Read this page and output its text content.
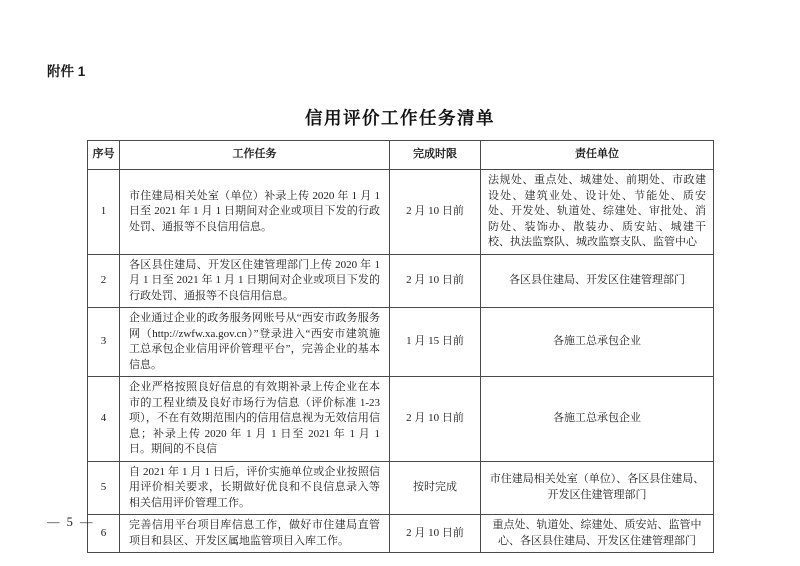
附件 1
信用评价工作任务清单
序号	工作任务	完成时限	责任单位
1	市住建局相关处室（单位）补录上传 2020 年 1 月 1 日至 2021 年 1 月 1 日期间对企业或项目下发的行政处罚、通报等不良信用信息。	2 月 10 日前	法规处、重点处、城建处、前期处、市政建设处、建筑业处、设计处、节能处、质安处、开发处、轨道处、综建处、审批处、消防处、装饰办、散装办、质安站、城建干校、执法监察队、城改监察支队、监管中心
2	各区县住建局、开发区住建管理部门上传 2020 年 1 月 1 日至 2021 年 1 月 1 日期间对企业或项目下发的行政处罚、通报等不良信用信息。	2 月 10 日前	各区县住建局、开发区住建管理部门
3	企业通过企业的政务服务网账号从“西安市政务服务网（http://zwfw.xa.gov.cn）”登录进入“西安市建筑施工总承包企业信用评价管理平台”，完善企业的基本信息。	1 月 15 日前	各施工总承包企业
4	企业严格按照良好信息的有效期补录上传企业在本市的工程业绩及良好市场行为信息（评价标准 1-23 项），不在有效期范围内的信用信息视为无效信用信息；补录上传 2020 年 1 月 1 日至 2021 年 1 月 1 日。期间的不良信	2 月 10 日前	各施工总承包企业
5	自 2021 年 1 月 1 日后，评价实施单位或企业按照信用评价相关要求，长期做好优良和不良信息录入等相关信用评价管理工作。	按时完成	市住建局相关处室（单位）、各区县住建局、开发区住建管理部门
6	完善信用平台项目库信息工作，做好市住建局直管项目和县区、开发区属地监管项目入库工作。	2 月 10 日前	重点处、轨道处、综建处、质安站、监管中心、各区县住建局、开发区住建管理部门
— 5 —
